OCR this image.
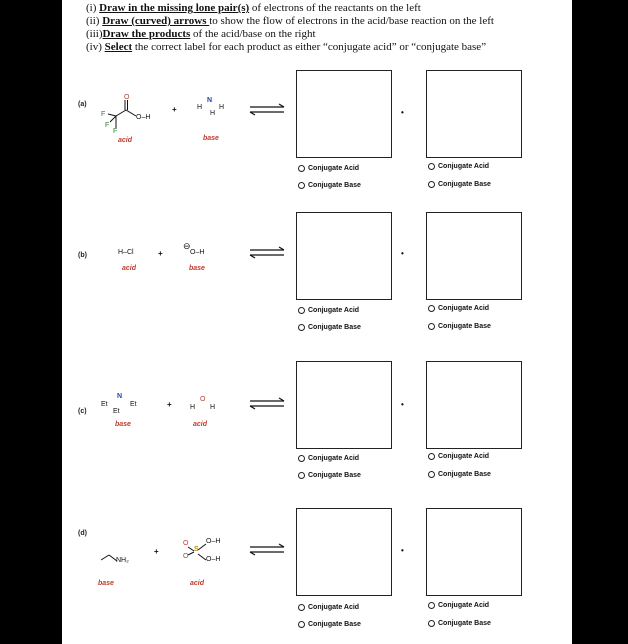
(i) Draw in the missing lone pair(s) of electrons of the reactants on the left
(ii) Draw (curved) arrows to show the flow of electrons in the acid/base reaction on the left
(iii)Draw the products of the acid/base on the right
(iv) Select the correct label for each product as either “conjugate acid” or “conjugate base”
(a)
O
O–H
F
F
F
acid
+	H
N
H
H
base
•
Conjugate Acid
Conjugate Base
Conjugate Acid
Conjugate Base
(b)	H–Cl
acid
+
⊖
O–H
base
•
Conjugate Acid
Conjugate Base
Conjugate Acid
Conjugate Base
(c)
Et
N
Et
Et
base
+	H
O
H
acid
•
Conjugate Acid
Conjugate Base
Conjugate Acid
Conjugate Base
(d)
NH₂
base
+
O
O
S
O–H
O–H
acid
•
Conjugate Acid
Conjugate Base
Conjugate Acid
Conjugate Base
